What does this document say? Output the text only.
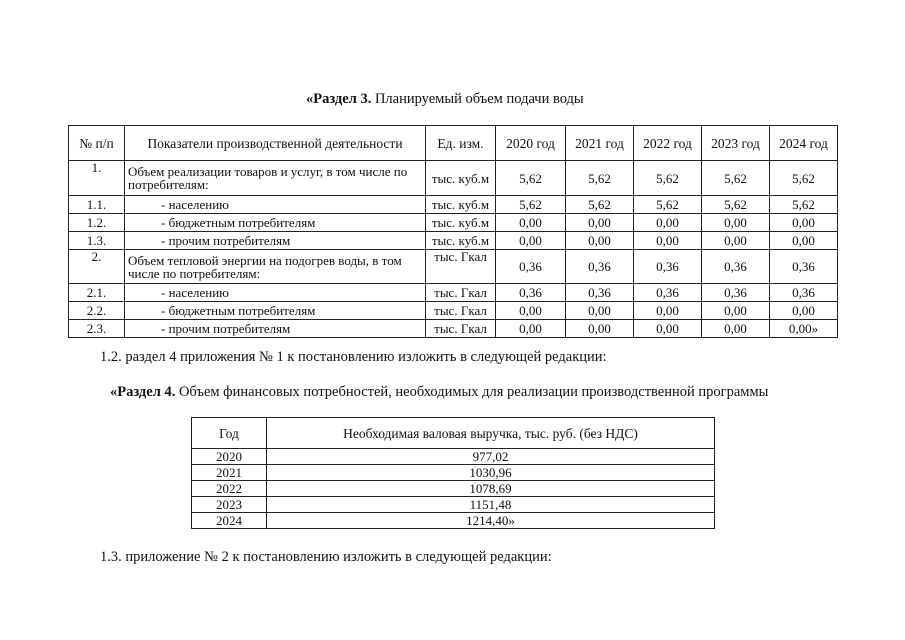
«Раздел 3. Планируемый объем подачи воды
№ п/п	Показатели производственной деятельности	Ед. изм.	2020 год	2021 год	2022 год	2023 год	2024 год
1.	Объем реализации товаров и услуг, в том числе по потребителям:	тыс. куб.м	5,62	5,62	5,62	5,62	5,62
1.1.	- населению	тыс. куб.м	5,62	5,62	5,62	5,62	5,62
1.2.	- бюджетным потребителям	тыс. куб.м	0,00	0,00	0,00	0,00	0,00
1.3.	- прочим потребителям	тыс. куб.м	0,00	0,00	0,00	0,00	0,00
2.	Объем тепловой энергии на подогрев воды, в том числе по потребителям:	тыс. Гкал	0,36	0,36	0,36	0,36	0,36
2.1.	- населению	тыс. Гкал	0,36	0,36	0,36	0,36	0,36
2.2.	- бюджетным потребителям	тыс. Гкал	0,00	0,00	0,00	0,00	0,00
2.3.	- прочим потребителям	тыс. Гкал	0,00	0,00	0,00	0,00	0,00»
1.2. раздел 4 приложения № 1 к постановлению изложить в следующей редакции:
«Раздел 4. Объем финансовых потребностей, необходимых для реализации производственной программы
Год	Необходимая валовая выручка, тыс. руб. (без НДС)
2020	977,02
2021	1030,96
2022	1078,69
2023	1151,48
2024	1214,40»
1.3. приложение № 2 к постановлению изложить в следующей редакции:
